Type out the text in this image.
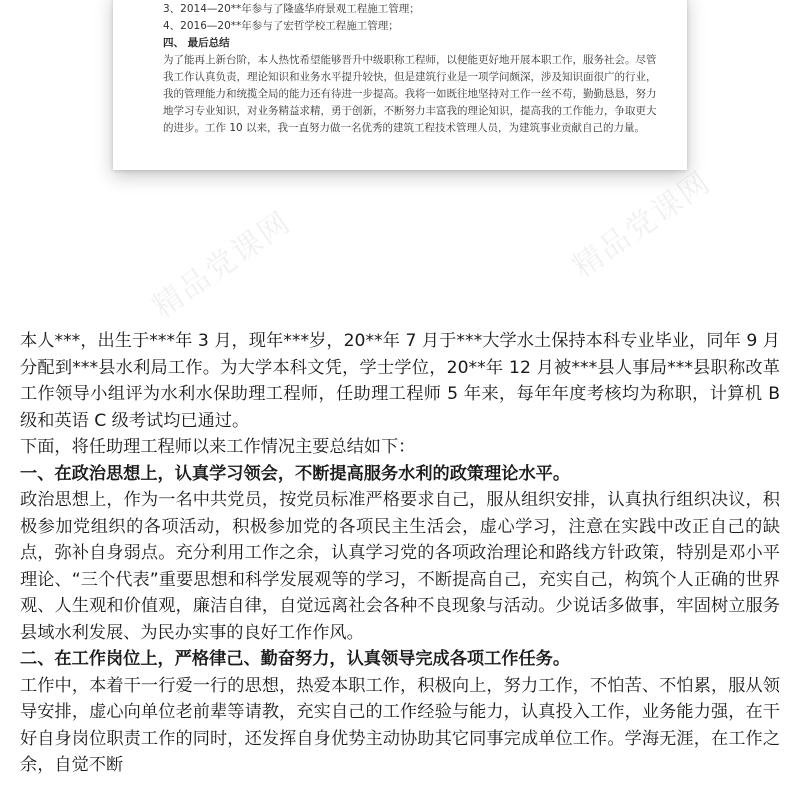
3、2014—20**年参与了隆盛华府景观工程施工管理；

4、2016—20**年参与了宏哲学校工程施工管理；

四、 最后总结

为了能再上新台阶，本人热忱希望能够晋升中级职称工程师，以便能更好地开展本职工作，服务社会。尽管我工作认真负责，理论知识和业务水平提升较快，但是建筑行业是一项学问颇深，涉及知识面很广的行业，我的管理能力和统揽全局的能力还有待进一步提高。我将一如既往地坚持对工作一丝不苟，勤勤恳恳，努力地学习专业知识，对业务精益求精，勇于创新，不断努力丰富我的理论知识，提高我的工作能力，争取更大的进步。工作 10 以来，我一直努力做一名优秀的建筑工程技术管理人员，为建筑事业贡献自己的力量。

精品党课网	精品党课网

本人***，出生于***年 3 月，现年***岁，20**年 7 月于***大学水土保持本科专业毕业，同年 9 月分配到***县水利局工作。为大学本科文凭，学士学位，20**年 12 月被***县人事局***县职称改革工作领导小组评为水利水保助理工程师，任助理工程师 5 年来，每年年度考核均为称职，计算机 B 级和英语 C 级考试均已通过。

下面，将任助理工程师以来工作情况主要总结如下：

一、在政治思想上，认真学习领会，不断提高服务水利的政策理论水平。

政治思想上，作为一名中共党员，按党员标准严格要求自己，服从组织安排，认真执行组织决议，积极参加党组织的各项活动，积极参加党的各项民主生活会，虚心学习，注意在实践中改正自己的缺点，弥补自身弱点。充分利用工作之余，认真学习党的各项政治理论和路线方针政策，特别是邓小平理论、“三个代表”重要思想和科学发展观等的学习，不断提高自己，充实自己，构筑个人正确的世界观、人生观和价值观，廉洁自律，自觉远离社会各种不良现象与活动。少说话多做事，牢固树立服务县域水利发展、为民办实事的良好工作作风。

二、在工作岗位上，严格律己、勤奋努力，认真领导完成各项工作任务。

工作中，本着干一行爱一行的思想，热爱本职工作，积极向上，努力工作，不怕苦、不怕累，服从领导安排，虚心向单位老前辈等请教，充实自己的工作经验与能力，认真投入工作，业务能力强，在干好自身岗位职责工作的同时，还发挥自身优势主动协助其它同事完成单位工作。学海无涯，在工作之余，自觉不断
